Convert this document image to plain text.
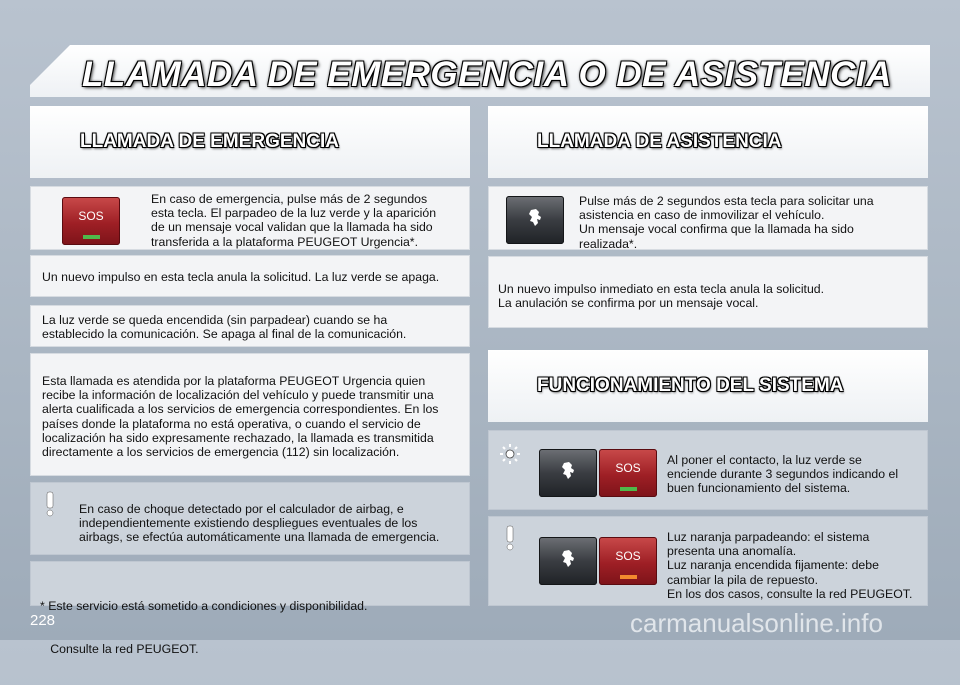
LLAMADA DE EMERGENCIA O DE ASISTENCIA
LLAMADA DE EMERGENCIA	LLAMADA DE ASISTENCIA
SOS
En caso de emergencia, pulse más de 2 segundos
esta tecla. El parpadeo de la luz verde y la aparición
de un mensaje vocal validan que la llamada ha sido
transferida a la plataforma PEUGEOT Urgencia*.
Un nuevo impulso en esta tecla anula la solicitud. La luz verde se apaga.
La luz verde se queda encendida (sin parpadear) cuando se ha
establecido la comunicación. Se apaga al final de la comunicación.
Esta llamada es atendida por la plataforma PEUGEOT Urgencia quien
recibe la información de localización del vehículo y puede transmitir una
alerta cualificada a los servicios de emergencia correspondientes. En los
países donde la plataforma no está operativa, o cuando el servicio de
localización ha sido expresamente rechazado, la llamada es transmitida
directamente a los servicios de emergencia (112) sin localización.
En caso de choque detectado por el calculador de airbag, e
independientemente existiendo despliegues eventuales de los
airbags, se efectúa automáticamente una llamada de emergencia.

* Este servicio está sometido a condiciones y disponibilidad.

Consulte la red PEUGEOT.

Pulse más de 2 segundos esta tecla para solicitar una
asistencia en caso de inmovilizar el vehículo.
Un mensaje vocal confirma que la llamada ha sido
realizada*.
Un nuevo impulso inmediato en esta tecla anula la solicitud.
La anulación se confirma por un mensaje vocal.
FUNCIONAMIENTO DEL SISTEMA
SOS
Al poner el contacto, la luz verde se
enciende durante 3 segundos indicando el
buen funcionamiento del sistema.
SOS
Luz naranja parpadeando: el sistema
presenta una anomalía.
Luz naranja encendida fijamente: debe
cambiar la pila de repuesto.
En los dos casos, consulte la red PEUGEOT.
228	carmanualsonline.info
